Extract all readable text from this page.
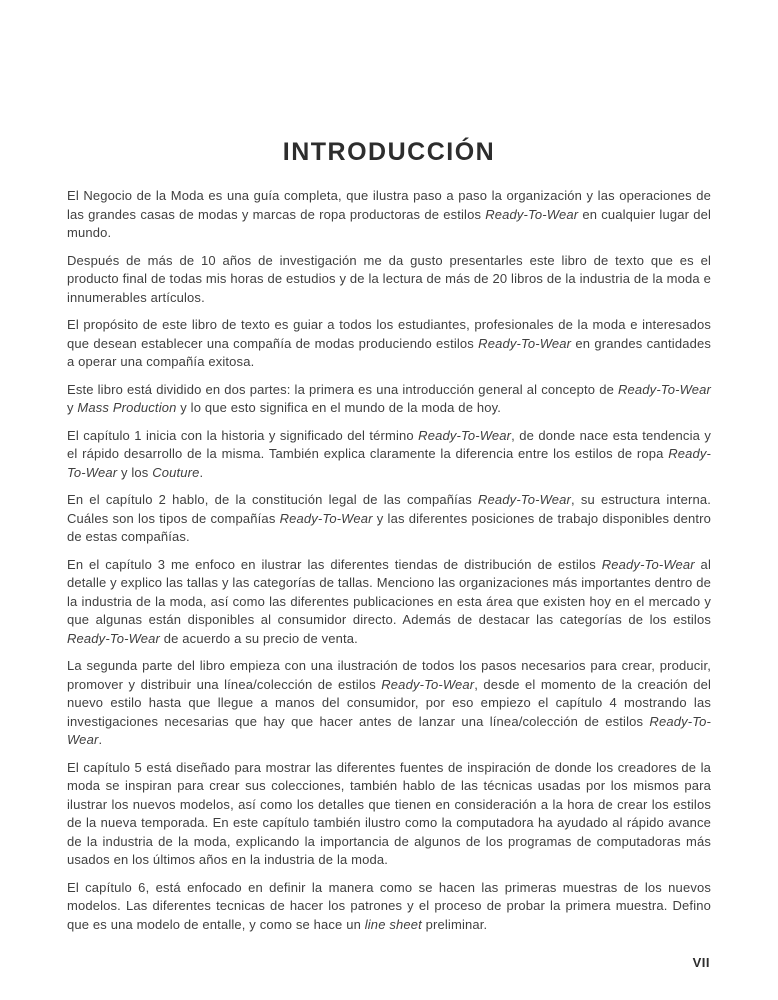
INTRODUCCIÓN

El Negocio de la Moda es una guía completa, que ilustra paso a paso la organización y las operaciones de las grandes casas de modas y marcas de ropa productoras de estilos Ready-To-Wear en cualquier lugar del mundo.

Después de más de 10 años de investigación me da gusto presentarles este libro de texto que es el producto final de todas mis horas de estudios y de la lectura de más de 20 libros de la industria de la moda e innumerables artículos.

El propósito de este libro de texto es guiar a todos los estudiantes, profesionales de la moda e interesados que desean establecer una compañía de modas produciendo estilos Ready-To-Wear en grandes cantidades a operar una compañía exitosa.

Este libro está dividido en dos partes: la primera es una introducción general al concepto de Ready-To-Wear y Mass Production y lo que esto significa en el mundo de la moda de hoy.

El capítulo 1 inicia con la historia y significado del término Ready-To-Wear, de donde nace esta tendencia y el rápido desarrollo de la misma. También explica claramente la diferencia entre los estilos de ropa Ready-To-Wear y los Couture.

En el capítulo 2 hablo, de la constitución legal de las compañías Ready-To-Wear, su estructura interna. Cuáles son los tipos de compañías Ready-To-Wear y las diferentes posiciones de trabajo disponibles dentro de estas compañías.

En el capítulo 3 me enfoco en ilustrar las diferentes tiendas de distribución de estilos Ready-To-Wear al detalle y explico las tallas y las categorías de tallas. Menciono las organizaciones más importantes dentro de la industria de la moda, así como las diferentes publicaciones en esta área que existen hoy en el mercado y que algunas están disponibles al consumidor directo. Además de destacar las categorías de los estilos Ready-To-Wear de acuerdo a su precio de venta.

La segunda parte del libro empieza con una ilustración de todos los pasos necesarios para crear, producir, promover y distribuir una línea/colección de estilos Ready-To-Wear, desde el momento de la creación del nuevo estilo hasta que llegue a manos del consumidor, por eso empiezo el capítulo 4 mostrando las investigaciones necesarias que hay que hacer antes de lanzar una línea/colección de estilos Ready-To-Wear.

El capítulo 5 está diseñado para mostrar las diferentes fuentes de inspiración de donde los creadores de la moda se inspiran para crear sus colecciones, también hablo de las técnicas usadas por los mismos para ilustrar los nuevos modelos, así como los detalles que tienen en consideración a la hora de crear los estilos de la nueva temporada. En este capítulo también ilustro como la computadora ha ayudado al rápido avance de la industria de la moda, explicando la importancia de algunos de los programas de computadoras más usados en los últimos años en la industria de la moda.

El capítulo 6, está enfocado en definir la manera como se hacen las primeras muestras de los nuevos modelos. Las diferentes tecnicas de hacer los patrones y el proceso de probar la primera muestra. Defino que es una modelo de entalle, y como se hace un line sheet preliminar.

VII
